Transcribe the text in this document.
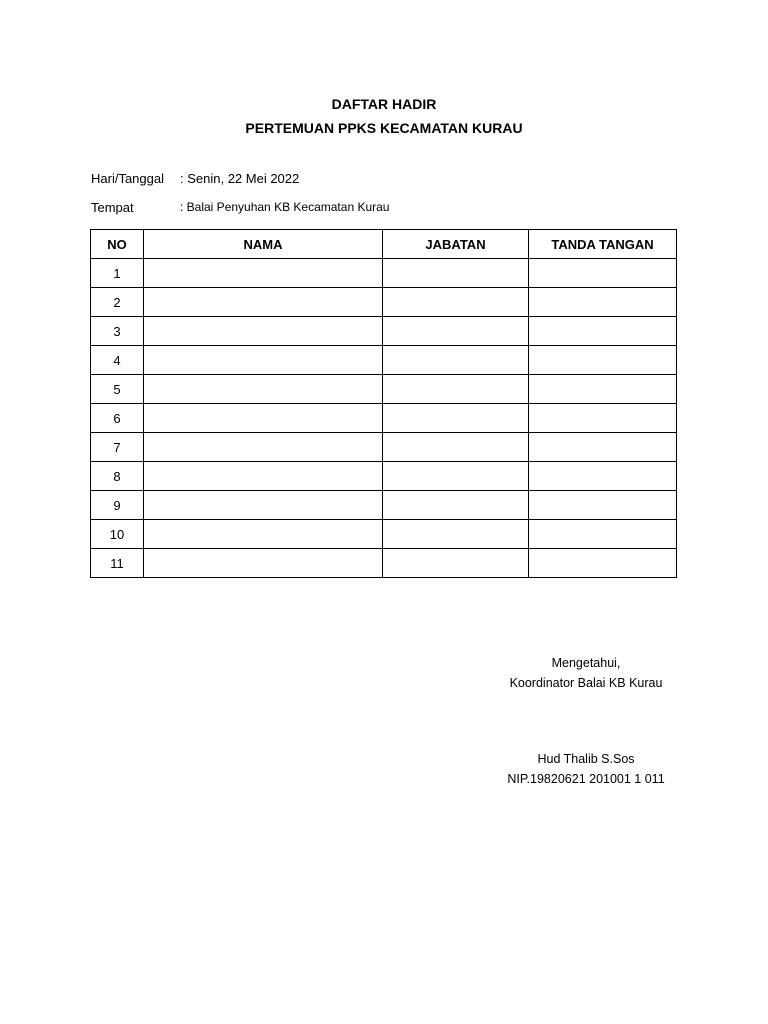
DAFTAR HADIR
PERTEMUAN PPKS KECAMATAN KURAU
Hari/Tanggal : Senin, 22 Mei 2022
Tempat	: Balai Penyuhan KB Kecamatan Kurau
NO	NAMA	JABATAN	TANDA TANGAN
1			
2			
3			
4			
5			
6			
7			
8			
9			
10			
11			
Mengetahui,
Koordinator Balai KB Kurau
Hud Thalib S.Sos
NIP.19820621 201001 1 011
